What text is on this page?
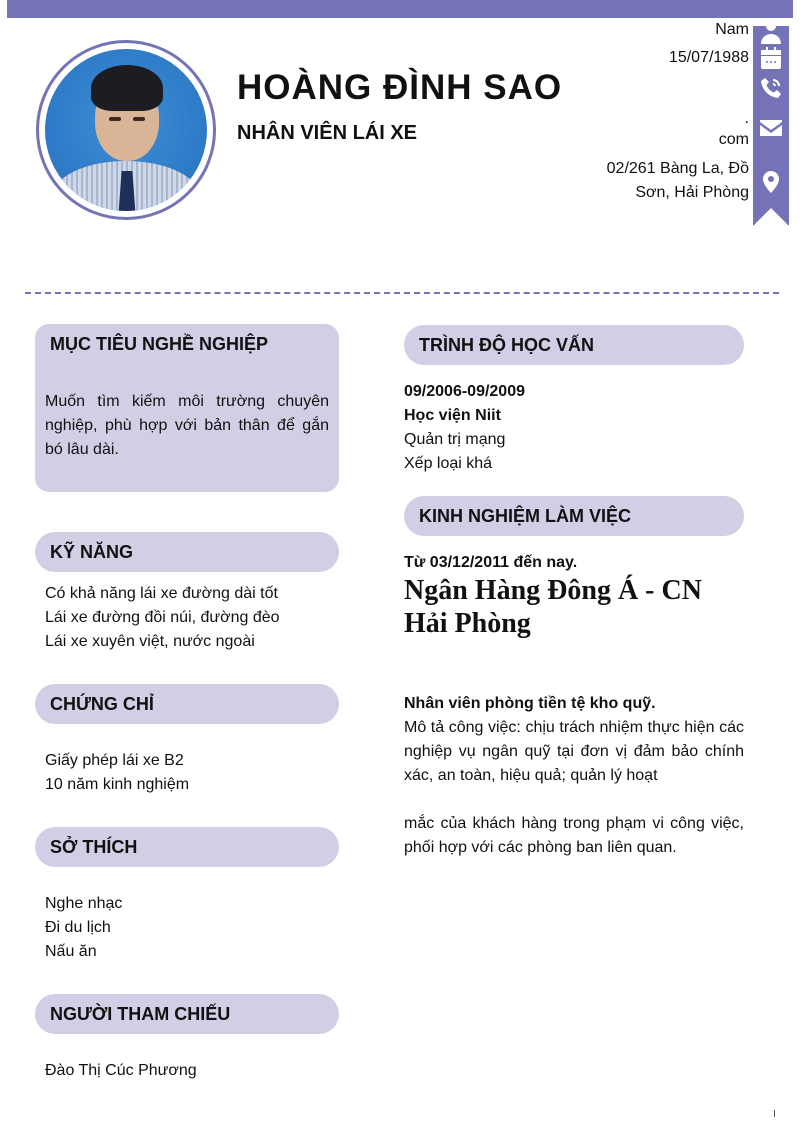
HOÀNG ĐÌNH SAO
NHÂN VIÊN LÁI XE
Nam
15/07/1988
.
com
02/261 Bàng La, Đồ
Sơn, Hải Phòng
MỤC TIÊU NGHỀ NGHIỆP
Muốn tìm kiếm môi trường chuyên nghiệp, phù hợp với bản thân để gắn bó lâu dài.
KỸ NĂNG
Có khả năng lái xe đường dài tốt
Lái xe đường đồi núi, đường đèo
Lái xe xuyên việt, nước ngoài
CHỨNG CHỈ
Giấy phép lái xe B2
10 năm kinh nghiệm
SỞ THÍCH
Nghe nhạc
Đi du lịch
Nấu ăn
NGƯỜI THAM CHIẾU
Đào Thị Cúc Phương
TRÌNH ĐỘ HỌC VẤN
09/2006-09/2009
Học viện Niit
Quản trị mạng
Xếp loại khá
KINH NGHIỆM LÀM VIỆC
Từ 03/12/2011 đến nay.
Ngân Hàng Đông Á - CN Hải Phòng
Nhân viên phòng tiền tệ kho quỹ.
Mô tả công việc: chịu trách nhiệm thực hiện các nghiệp vụ ngân quỹ tại đơn vị đảm bảo chính xác, an toàn, hiệu quả; quản lý hoạt
mắc của khách hàng trong phạm vi công việc, phối hợp với các phòng ban liên quan.
